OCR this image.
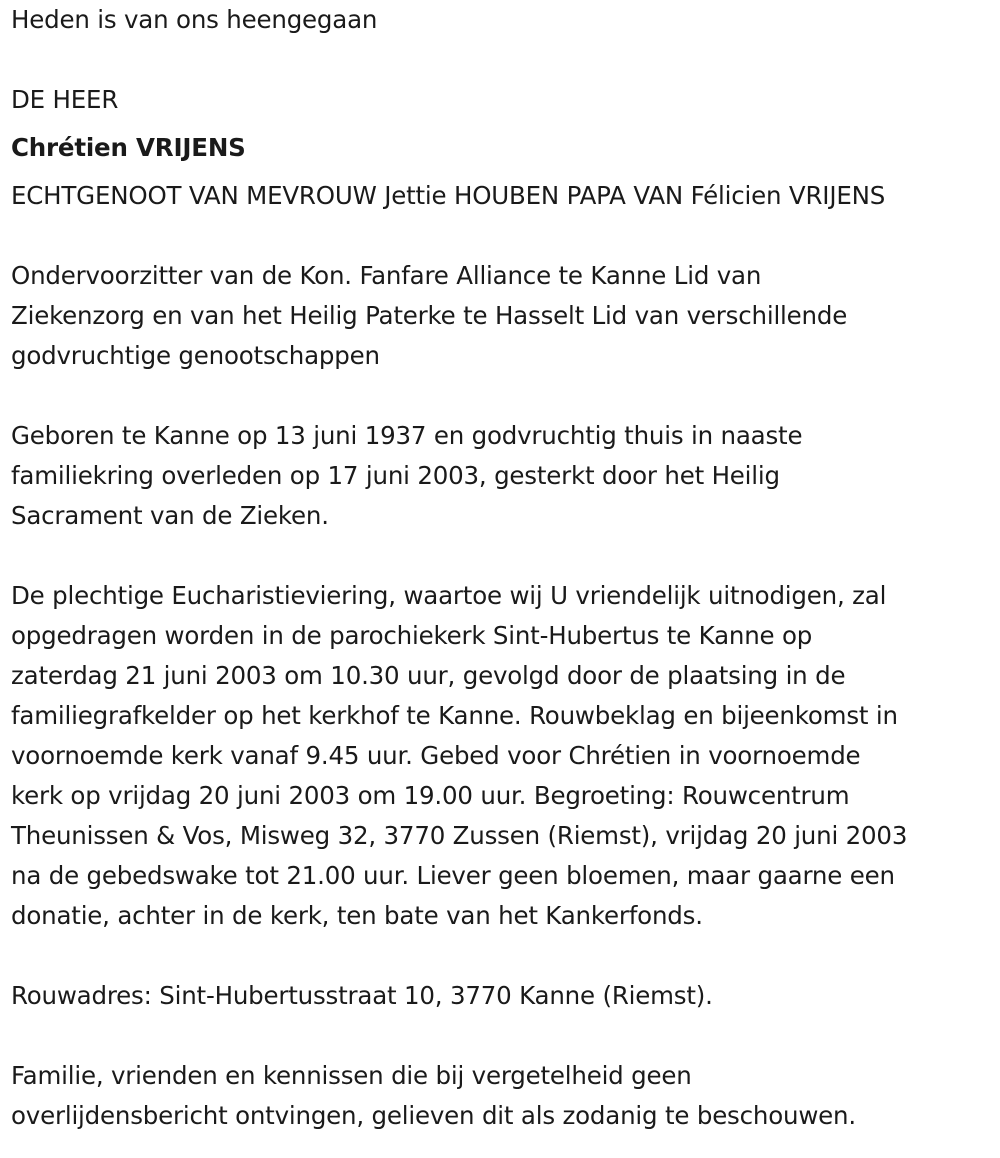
Heden is van ons heengegaan
DE HEER
Chrétien VRIJENS
ECHTGENOOT VAN MEVROUW Jettie HOUBEN PAPA VAN Félicien VRIJENS
Ondervoorzitter van de Kon. Fanfare Alliance te Kanne Lid van
Ziekenzorg en van het Heilig Paterke te Hasselt Lid van verschillende
godvruchtige genootschappen
Geboren te Kanne op 13 juni 1937 en godvruchtig thuis in naaste
familiekring overleden op 17 juni 2003, gesterkt door het Heilig
Sacrament van de Zieken.
De plechtige Eucharistieviering, waartoe wij U vriendelijk uitnodigen, zal
opgedragen worden in de parochiekerk Sint-Hubertus te Kanne op
zaterdag 21 juni 2003 om 10.30 uur, gevolgd door de plaatsing in de
familiegrafkelder op het kerkhof te Kanne. Rouwbeklag en bijeenkomst in
voornoemde kerk vanaf 9.45 uur. Gebed voor Chrétien in voornoemde
kerk op vrijdag 20 juni 2003 om 19.00 uur. Begroeting: Rouwcentrum
Theunissen & Vos, Misweg 32, 3770 Zussen (Riemst), vrijdag 20 juni 2003
na de gebedswake tot 21.00 uur. Liever geen bloemen, maar gaarne een
donatie, achter in de kerk, ten bate van het Kankerfonds.
Rouwadres: Sint-Hubertusstraat 10, 3770 Kanne (Riemst).
Familie, vrienden en kennissen die bij vergetelheid geen
overlijdensbericht ontvingen, gelieven dit als zodanig te beschouwen.
